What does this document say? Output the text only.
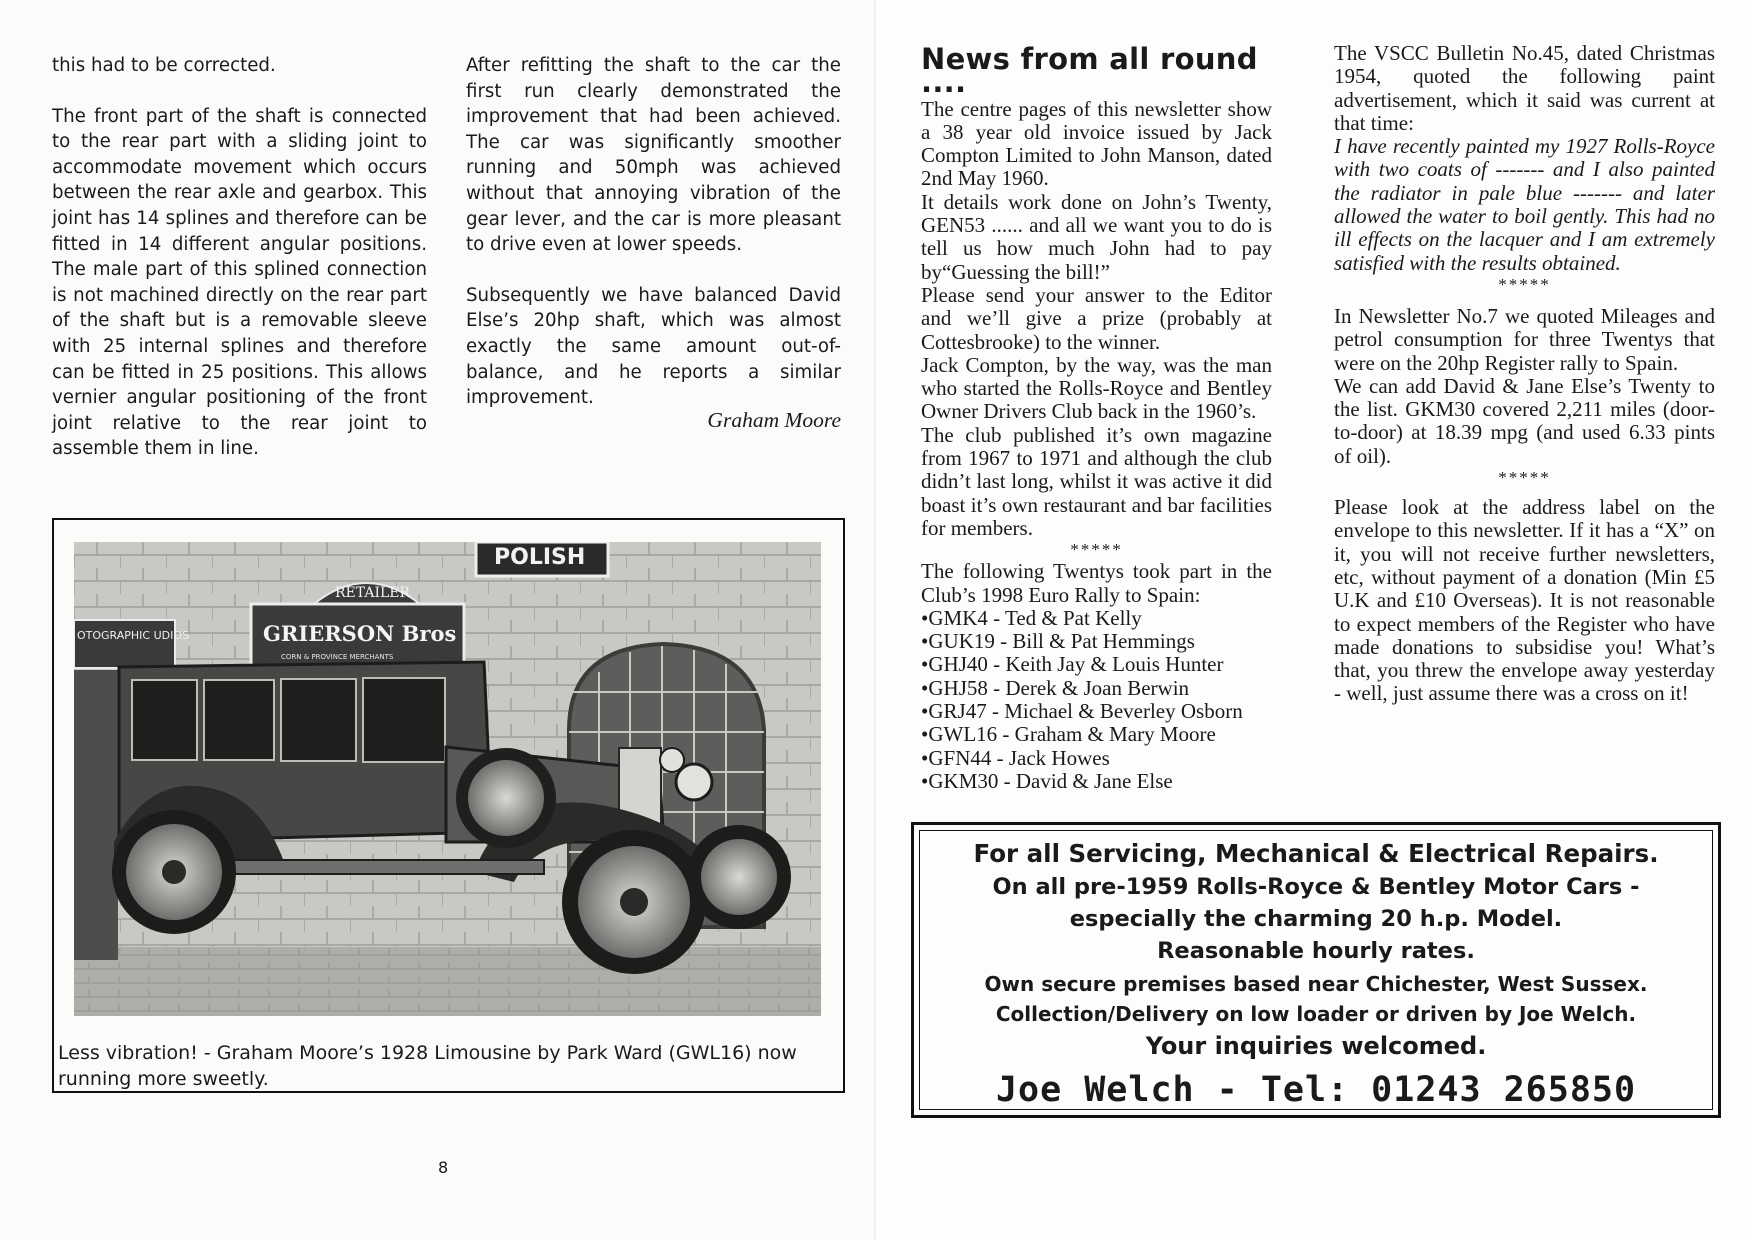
this had to be corrected.

The front part of the shaft is connected to the rear part with a sliding joint to accommodate movement which occurs between the rear axle and gearbox. This joint has 14 splines and therefore can be fitted in 14 different angular positions. The male part of this splined connection is not machined directly on the rear part of the shaft but is a removable sleeve with 25 internal splines and therefore can be fitted in 25 positions. This allows vernier angular positioning of the front joint relative to the rear joint to assemble them in line.

After refitting the shaft to the car the first run clearly demonstrated the improvement that had been achieved. The car was significantly smoother running and 50mph was achieved without that annoying vibration of the gear lever, and the car is more pleasant to drive even at lower speeds.

Subsequently we have balanced David Else’s 20hp shaft, which was almost exactly the same amount out-of-balance, and he reports a similar improvement.

Graham Moore
POLISH
RETAILER
GRIERSON Bros
CORN & PROVINCE MERCHANTS
OTOGRAPHIC UDIOS
Less vibration! - Graham Moore’s 1928 Limousine by Park Ward (GWL16) now running more sweetly.
8
News from all round ....

The centre pages of this newsletter show a 38 year old invoice issued by Jack Compton Limited to John Manson, dated 2nd May 1960.

It details work done on John’s Twenty, GEN53 ...... and all we want you to do is tell us how much John had to pay by“Guessing the bill!”

Please send your answer to the Editor and we’ll give a prize (probably at Cottesbrooke) to the winner.

Jack Compton, by the way, was the man who started the Rolls-Royce and Bentley Owner Drivers Club back in the 1960’s.

The club published it’s own magazine from 1967 to 1971 and although the club didn’t last long, whilst it was active it did boast it’s own restaurant and bar facilities for members.

*****

The following Twentys took part in the Club’s 1998 Euro Rally to Spain:

• GMK4 - Ted & Pat Kelly
• GUK19 - Bill & Pat Hemmings
• GHJ40 - Keith Jay & Louis Hunter
• GHJ58 - Derek & Joan Berwin
• GRJ47 - Michael & Beverley Osborn
• GWL16 - Graham & Mary Moore
• GFN44 - Jack Howes
• GKM30 - David & Jane Else

The VSCC Bulletin No.45, dated Christmas 1954, quoted the following paint advertisement, which it said was current at that time:

I have recently painted my 1927 Rolls-Royce with two coats of ------- and I also painted the radiator in pale blue ------- and later allowed the water to boil gently. This had no ill effects on the lacquer and I am extremely satisfied with the results obtained.

*****

In Newsletter No.7 we quoted Mileages and petrol consumption for three Twentys that were on the 20hp Register rally to Spain.

We can add David & Jane Else’s Twenty to the list. GKM30 covered 2,211 miles (door-to-door) at 18.39 mpg (and used 6.33 pints of oil).

*****

Please look at the address label on the envelope to this newsletter. If it has a “X” on it, you will not receive further newsletters, etc, without payment of a donation (Min £5 U.K and £10 Overseas). It is not reasonable to expect members of the Register who have made donations to subsidise you! What’s that, you threw the envelope away yesterday - well, just assume there was a cross on it!

For all Servicing, Mechanical & Electrical Repairs.
On all pre-1959 Rolls-Royce & Bentley Motor Cars -
especially the charming 20 h.p. Model.
Reasonable hourly rates.
Own secure premises based near Chichester, West Sussex.
Collection/Delivery on low loader or driven by Joe Welch.
Your inquiries welcomed.
Joe Welch - Tel: 01243 265850
